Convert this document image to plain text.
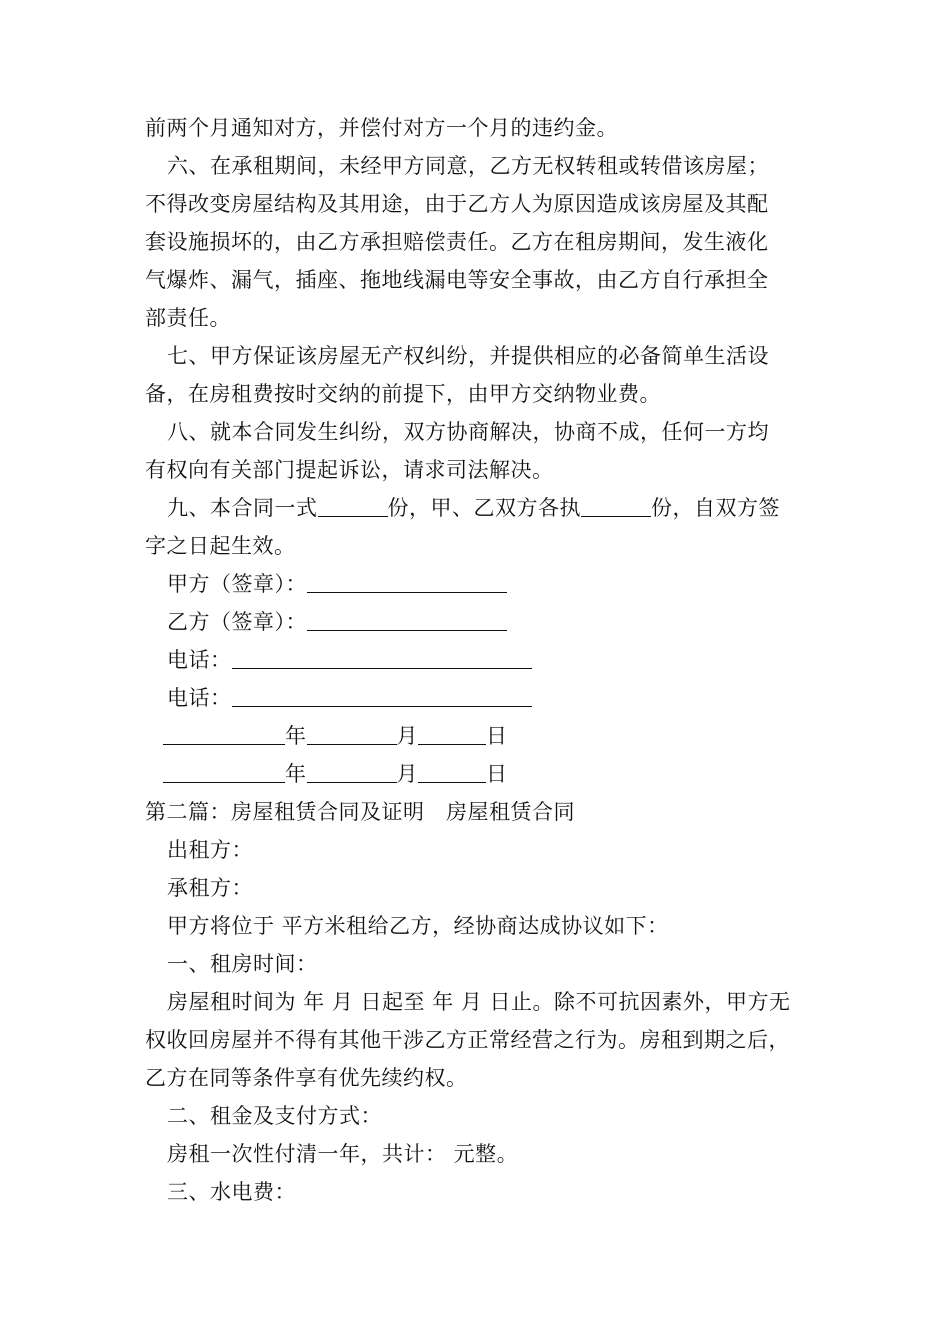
前两个月通知对方，并偿付对方一个月的违约金。
六、在承租期间，未经甲方同意，乙方无权转租或转借该房屋；
不得改变房屋结构及其用途，由于乙方人为原因造成该房屋及其配
套设施损坏的，由乙方承担赔偿责任。乙方在租房期间，发生液化
气爆炸、漏气，插座、拖地线漏电等安全事故，由乙方自行承担全
部责任。
七、甲方保证该房屋无产权纠纷，并提供相应的必备简单生活设
备，在房租费按时交纳的前提下，由甲方交纳物业费。
八、就本合同发生纠纷，双方协商解决，协商不成，任何一方均
有权向有关部门提起诉讼，请求司法解决。
九、本合同一式	份，甲、乙双方各执	份，自双方签
字之日起生效。
甲方（签章）：
乙方（签章）：
电话：
电话：
年	月	日
年	月	日
第二篇：房屋租赁合同及证明　房屋租赁合同
出租方：
承租方：
甲方将位于 平方米租给乙方，经协商达成协议如下：
一、租房时间：
房屋租时间为 年 月 日起至 年 月 日止。除不可抗因素外，甲方无
权收回房屋并不得有其他干涉乙方正常经营之行为。房租到期之后，
乙方在同等条件享有优先续约权。
二、租金及支付方式：
房租一次性付清一年，共计： 元整。
三、水电费：
